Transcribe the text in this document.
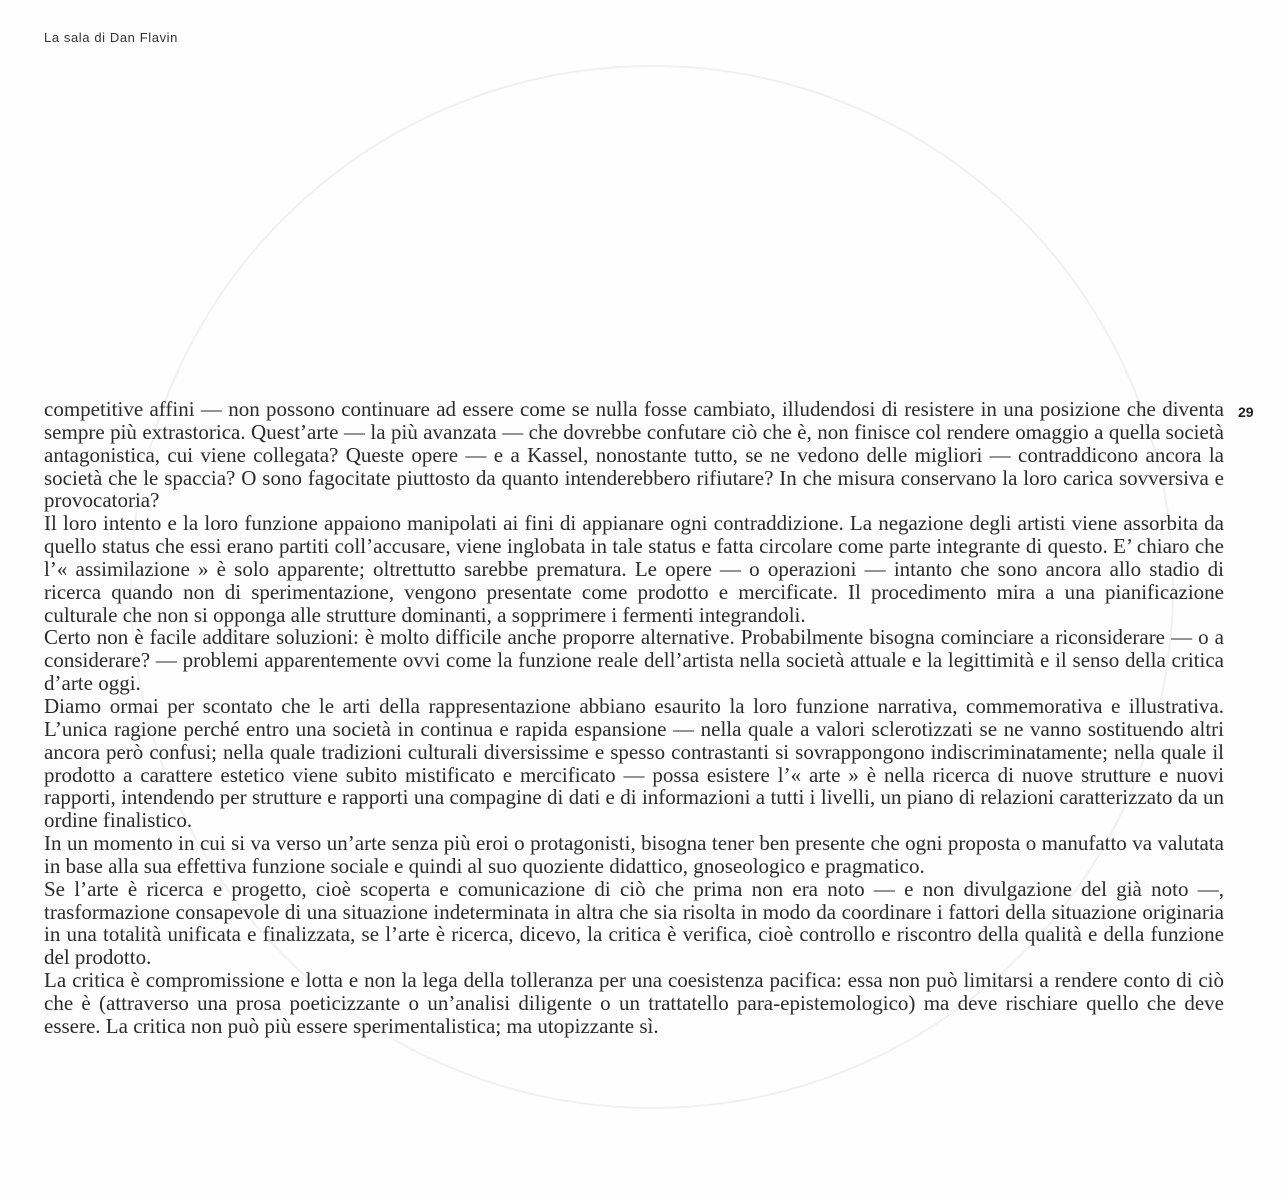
La sala di Dan Flavin
29

competitive affini — non possono continuare ad essere come se nulla fosse cambiato, illudendosi di resistere in una posizione che diventa sempre più extrastorica. Quest’arte — la più avanzata — che dovrebbe confutare ciò che è, non finisce col rendere omaggio a quella società antagonistica, cui viene collegata? Queste opere — e a Kassel, nonostante tutto, se ne vedono delle migliori — contraddicono ancora la società che le spaccia? O sono fagocitate piuttosto da quanto intenderebbero rifiutare? In che misura conservano la loro carica sovversiva e provocatoria?

Il loro intento e la loro funzione appaiono manipolati ai fini di appianare ogni contraddizione. La negazione degli artisti viene assorbita da quello status che essi erano partiti coll’accusare, viene inglobata in tale status e fatta circolare come parte integrante di questo. E’ chiaro che l’« assimilazione » è solo apparente; oltrettutto sarebbe prematura. Le opere — o operazioni — intanto che sono ancora allo stadio di ricerca quando non di sperimentazione, vengono presentate come prodotto e mercificate. Il procedimento mira a una pianificazione culturale che non si opponga alle strutture dominanti, a sopprimere i fermenti integrandoli.

Certo non è facile additare soluzioni: è molto difficile anche proporre alternative. Probabilmente bisogna cominciare a riconsiderare — o a considerare? — problemi apparentemente ovvi come la funzione reale dell’artista nella società attuale e la legittimità e il senso della critica d’arte oggi.

Diamo ormai per scontato che le arti della rappresentazione abbiano esaurito la loro funzione narrativa, commemorativa e illustrativa. L’unica ragione perché entro una società in continua e rapida espansione — nella quale a valori sclerotizzati se ne vanno sostituendo altri ancora però confusi; nella quale tradizioni culturali diversissime e spesso contrastanti si sovrappongono indiscriminatamente; nella quale il prodotto a carattere estetico viene subito mistificato e mercificato — possa esistere l’« arte » è nella ricerca di nuove strutture e nuovi rapporti, intendendo per strutture e rapporti una compagine di dati e di informazioni a tutti i livelli, un piano di relazioni caratterizzato da un ordine finalistico.

In un momento in cui si va verso un’arte senza più eroi o protagonisti, bisogna tener ben presente che ogni proposta o manufatto va valutata in base alla sua effettiva funzione sociale e quindi al suo quoziente didattico, gnoseologico e pragmatico.

Se l’arte è ricerca e progetto, cioè scoperta e comunicazione di ciò che prima non era noto — e non divulgazione del già noto —, trasformazione consapevole di una situazione indeterminata in altra che sia risolta in modo da coordinare i fattori della situazione originaria in una totalità unificata e finalizzata, se l’arte è ricerca, dicevo, la critica è verifica, cioè controllo e riscontro della qualità e della funzione del prodotto.

La critica è compromissione e lotta e non la lega della tolleranza per una coesistenza pacifica: essa non può limitarsi a rendere conto di ciò che è (attraverso una prosa poeticizzante o un’analisi diligente o un trattatello para-epistemologico) ma deve rischiare quello che deve essere. La critica non può più essere sperimentalistica; ma utopizzante sì.
